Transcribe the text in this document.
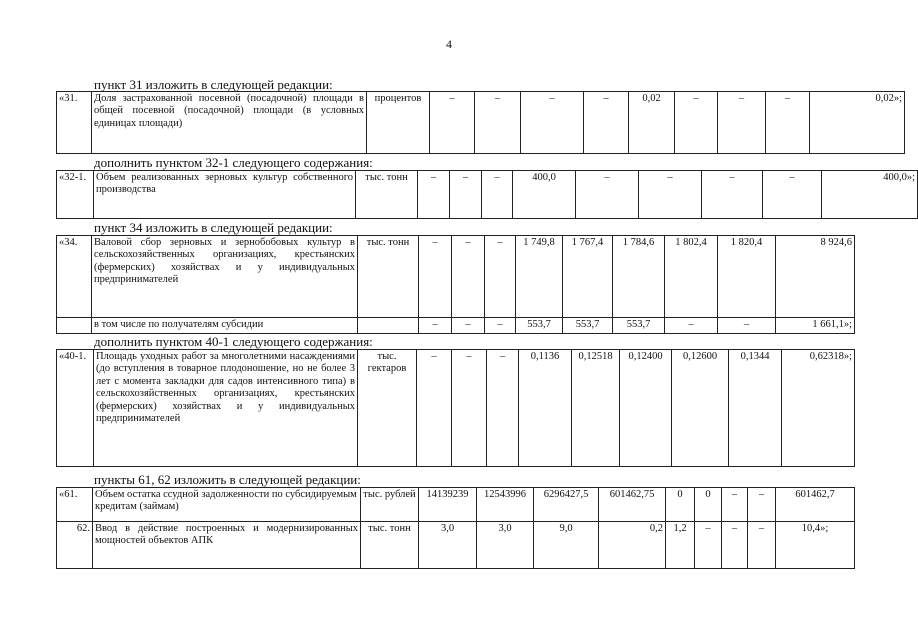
4
пункт 31 изложить в следующей редакции:
«31.	Доля застрахованной посевной (посадочной) площади в общей посевной (посадочной) площади (в условных единицах площади)	процентов	–	–	–	–	0,02	–	–	–	0,02»;
дополнить пунктом 32-1 следующего содержания:
«32-1.	Объем реализованных зерновых культур собственного производства	тыс. тонн	–	–	–	400,0	–	–	–	–	400,0»;
пункт 34 изложить в следующей редакции:
«34.	Валовой сбор зерновых и зернобобовых культур в сельскохозяйственных организациях, крестьянских (фермерских) хозяйствах и у индивидуальных предпринимателей	тыс. тонн	–	–	–	1 749,8	1 767,4	1 784,6	1 802,4	1 820,4	8 924,6
	в том числе по получателям субсидии		–	–	–	553,7	553,7	553,7	–	–	1 661,1»;
дополнить пунктом 40-1 следующего содержания:
«40-1.	Площадь уходных работ за многолетними насаждениями (до вступления в товарное плодоношение, но не более 3 лет с момента закладки для садов интенсивного типа) в сельскохозяйственных организациях, крестьянских (фермерских) хозяйствах и у индивидуальных предпринимателей	тыс. гектаров	–	–	–	0,1136	0,12518	0,12400	0,12600	0,1344	0,62318»;
пункты 61, 62 изложить в следующей редакции:
«61.	Объем остатка ссудной задолженности по субсидируемым кредитам (займам)	тыс. рублей	14139239	12543996	6296427,5	601462,75	0	0	–	–	601462,7
62.	Ввод в действие построенных и модернизированных мощностей объектов АПК	тыс. тонн	3,0	3,0	9,0	0,2	1,2	–	–	–	10,4»;
